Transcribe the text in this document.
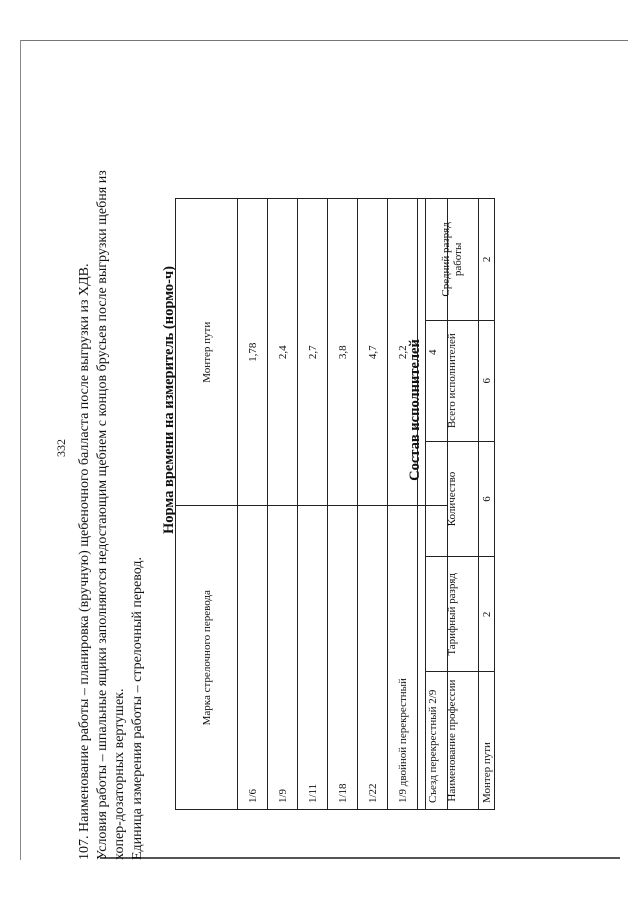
332 107. Наименование работы – планировка (вручную) щебеночного балласта после выгрузки из ХДВ. Условия работы – шпальные ящики заполняются недостающим щебнем с концов брусьев после выгрузки щебня из хопер-дозаторных вертушек. Единица измерения работы – стрелочный перевод.
Норма времени на измеритель (нормо-ч)
Марка стрелочного перевода	Монтер пути
1/6	1,78
1/9	2,4
1/11	2,7
1/18	3,8
1/22	4,7
1/9 двойной перекрестный	2,2
Съезд перекрестный 2/9	4
Состав исполнителей
Наименование профессии	Тарифный разряд	Количество	Всего исполнителей	Средний разряд работы
Монтер пути	2	6	6	2
